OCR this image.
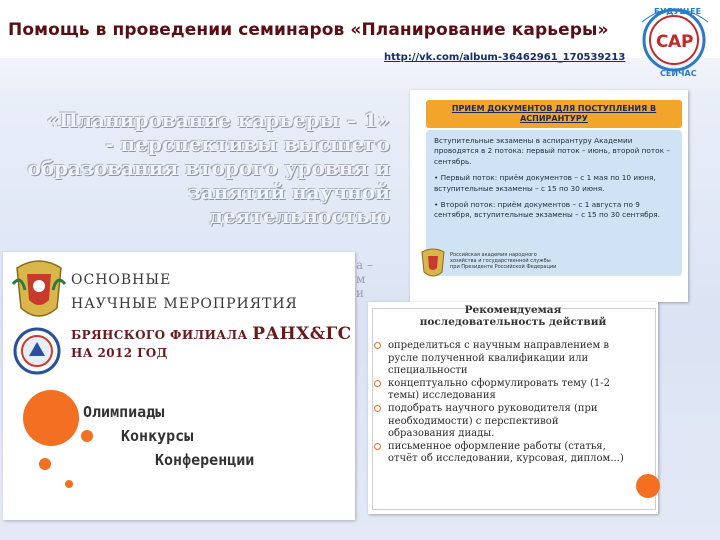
Помощь в проведении семинаров «Планирование карьеры»
http://vk.com/album-36462961_170539213
С А Р
БУДУЩЕЕ
СЕЙЧАС
«Планирование карьеры – 1»
- перспективы высшего
образования второго уровня и
занятий научной
деятельностью
а –
м
и
ОСНОВНЫЕ
НАУЧНЫЕ МЕРОПРИЯТИЯ
БРЯНСКОГО ФИЛИАЛА РАНХ&ГС
НА 2012 ГОД
Олимпиады
Конкурсы
Конференции
ПРИЕМ ДОКУМЕНТОВ ДЛЯ ПОСТУПЛЕНИЯ В
АСПИРАНТУРУ
Вступительные экзамены в аспирантуру Академии проводятся в 2 потока: первый поток – июнь, второй поток – сентябрь.
• Первый поток: приём документов – с 1 мая по 10 июня, вступительные экзамены – с 15 по 30 июня.
• Второй поток: приём документов – с 1 августа по 9 сентября, вступительные экзамены – с 15 по 30 сентября.
Российская академия народного хозяйства и государственной службы при Президенте Российской Федерации
Рекомендуемая
последовательность действий
определиться с научным направлением в русле полученной квалификации или специальности
концептуально сформулировать тему (1-2 темы) исследования
подобрать научного руководителя (при необходимости) с перспективой образования диады.
письменное оформление работы (статья, отчёт об исследовании, курсовая, диплом...)
